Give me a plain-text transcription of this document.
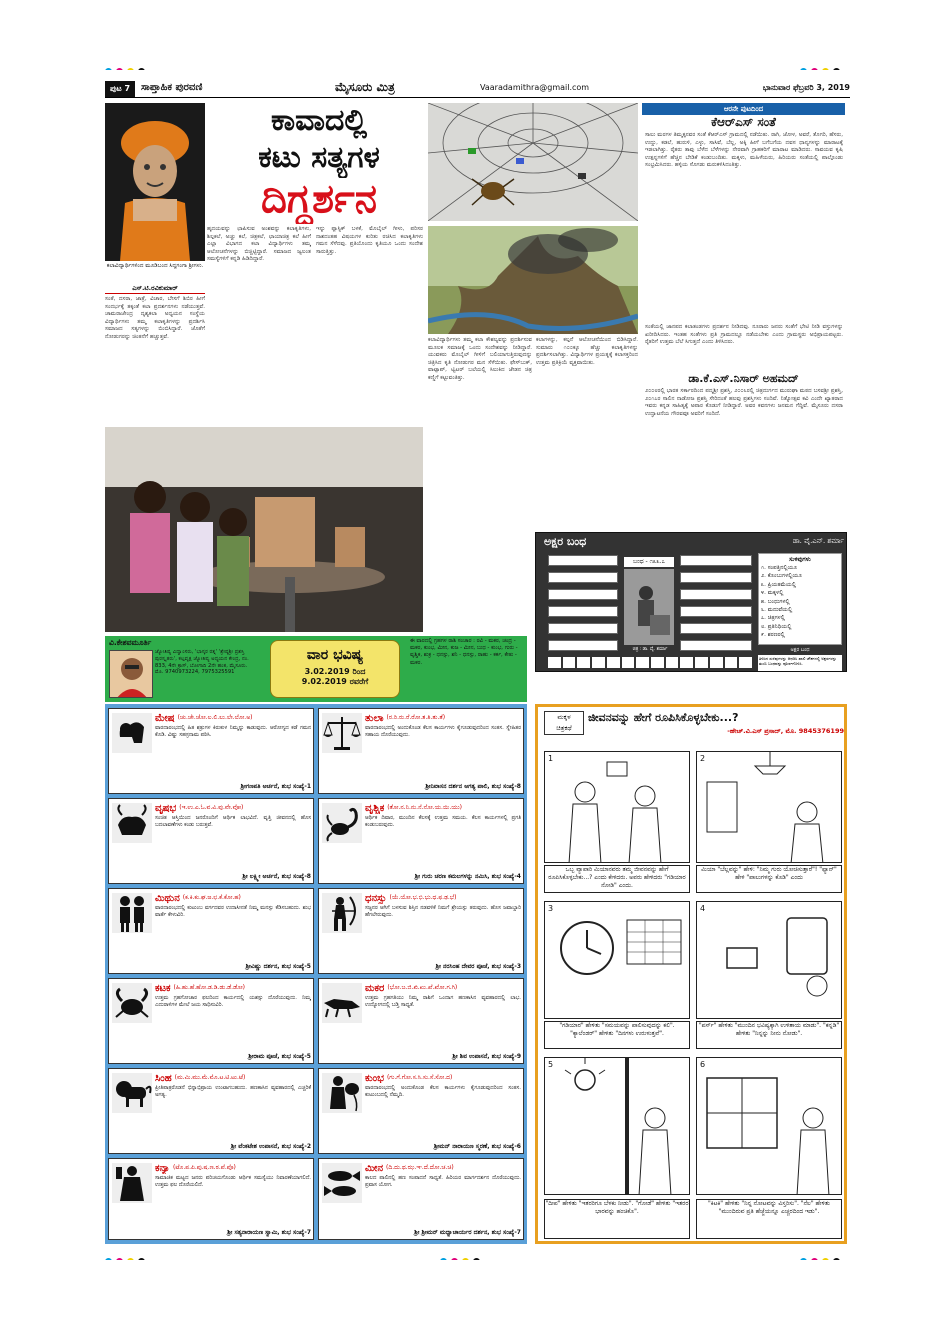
ಪುಟ 7	ಸಾಪ್ತಾಹಿಕ ಪುರವಣಿ	ಮೈಸೂರು ಮಿತ್ರ	Vaaradamithra@gmail.com	ಭಾನುವಾರ ಫೆಬ್ರವರಿ 3, 2019
ಕಲಾವಿದ್ಯಾರ್ಥಿಗಳಿಂದ ಮೂಡಿಬಂದ ಸಿದ್ದಗಂಗಾ ಶ್ರೀಗಳು.
ಎಸ್.ಟಿ.ರವಿಕುಮಾರ್
ಸಂತೆ, ದಸರಾ, ಜಾತ್ರೆ, ವಿಚಾರ, ಬೇಸಗೆ ಶಿಬಿರ ಹೀಗೆ ಸಂದರ್ಭಕ್ಕೆ ತಕ್ಕಂತೆ ಕಲಾ ಪ್ರದರ್ಶನಗಳು ನಡೆಯುತ್ತವೆ. ಚಾಮರಾಜೇಂದ್ರ ದೃಶ್ಯಕಲಾ ಅಧ್ಯಯನ ಸಂಸ್ಥೆಯ ವಿದ್ಯಾರ್ಥಿಗಳು ತಮ್ಮ ಕಲಾಕೃತಿಗಳನ್ನು ಪ್ರದರ್ಶಿಸಿ ಸಮಾಜದ ಸತ್ಯಗಳನ್ನು ಬಿಂಬಿಸಿದ್ದಾರೆ. ಜೊತೆಗೆ ನೋಡುಗರನ್ನು ಚಿಂತನೆಗೆ ಹಚ್ಚುತ್ತವೆ.
ಕಾವಾದಲ್ಲಿ
ಕಟು ಸತ್ಯಗಳ
ದಿಗ್ದರ್ಶನ
ಹೃದಯವನ್ನು ಛಾಪಿಸುವ ಅಂಶವನ್ನು ಕಲಾಕೃತಿಗಳು, ಶಿಲ್ಪಕಲೆ, ಅಚ್ಚು ಕಲೆ, ಚಿತ್ರಕಲೆ, ಛಾಯಾಚಿತ್ರ ಕಲೆ ಹೀಗೆ ಎಲ್ಲಾ ವಿಭಾಗದ ಕಲಾ ವಿದ್ಯಾರ್ಥಿಗಳು ತಮ್ಮ ಆಲೋಚನೆಗಳನ್ನು ಬಿಚ್ಚಿಟ್ಟಿದ್ದಾರೆ. ಸಮಾಜದ ಜ್ವಲಂತ ಸಮಸ್ಯೆಗಳಿಗೆ ಕನ್ನಡಿ ಹಿಡಿದಿದ್ದಾರೆ.
ಇನ್ನು ಪ್ಲಾಸ್ಟಿಕ್ ಬಳಕೆ, ಮೊಬೈಲ್ ಗೀಳು, ಪರಿಸರ ನಾಶದಂತಹ ವಿಷಯಗಳ ಕುರಿತು ರಚಿಸಿದ ಕಲಾಕೃತಿಗಳು ಗಮನ ಸೆಳೆದವು. ಪ್ರತಿಯೊಂದು ಕೃತಿಯೂ ಒಂದು ಸಂದೇಶ ಸಾರುತ್ತಿತ್ತು.
ಕಲಾವಿದ್ಯಾರ್ಥಿಗಳು ತಮ್ಮ ಕಲಾ ಕೌಶಲ್ಯವನ್ನು ಪ್ರದರ್ಶಿಸುವ ಮೂಲಕ ಸಮಾಜಕ್ಕೆ ಒಂದು ಸಂದೇಶವನ್ನು ನೀಡಿದ್ದಾರೆ. ಯುವಕರು ಮೊಬೈಲ್ ಗೀಳಿಗೆ ಬಲಿಯಾಗುತ್ತಿರುವುದನ್ನು ಚಿತ್ರಿಸಿದ ಕೃತಿ ನೋಡುಗರ ಮನ ಸೆಳೆಯಿತು. ಫೇಸ್‌ಬುಕ್, ವಾಟ್ಸಾಪ್, ಟ್ವಿಟರ್ ಬಲೆಯಲ್ಲಿ ಸಿಲುಕಿದ ಜೇಡನ ಚಿತ್ರ ಕಣ್ಣಿಗೆ ಕಟ್ಟುವಂತಿತ್ತು.
ಕಲಾಗಳನ್ನು, ಕಲ್ಪನೆ ಆಲೋಚನೆಯಿಂದ ಬಿಡಿಸಿದ್ದಾರೆ. ಸುಮಾರು ೧೦೦ಕ್ಕೂ ಹೆಚ್ಚು ಕಲಾಕೃತಿಗಳನ್ನು ಪ್ರದರ್ಶಿಸಲಾಗಿತ್ತು. ವಿದ್ಯಾರ್ಥಿಗಳ ಪ್ರಯತ್ನಕ್ಕೆ ಕಲಾಸಕ್ತರಿಂದ ಉತ್ತಮ ಪ್ರತಿಕ್ರಿಯೆ ವ್ಯಕ್ತವಾಯಿತು.
ಆರನೇ ಪುಟದಿಂದ
ಕೆಆರ್‌ಎಸ್ ಸಂತೆ
ಸಾಲು ಮರಗಳ ತಿಮ್ಮಕ್ಕನವರ ಸಂತೆ ಕೆಆರ್‌ಎಸ್ ಗ್ರಾಮದಲ್ಲಿ ನಡೆಯಿತು. ರಾಗಿ, ಜೋಳ, ಅವರೆ, ತೊಗರಿ, ಹೆಸರು, ಉದ್ದು, ಕಡಲೆ, ಹುರುಳಿ, ಎಳ್ಳು, ಸಾಸಿವೆ, ಬೆಲ್ಲ, ಅಕ್ಕಿ ಹೀಗೆ ಬಗೆಬಗೆಯ ದವಸ ಧಾನ್ಯಗಳನ್ನು ಮಾರಾಟಕ್ಕೆ ಇಡಲಾಗಿತ್ತು. ರೈತರು ತಾವು ಬೆಳೆದ ಬೆಳೆಗಳನ್ನು ನೇರವಾಗಿ ಗ್ರಾಹಕರಿಗೆ ಮಾರಾಟ ಮಾಡಿದರು. ಸಾವಯವ ಕೃಷಿ ಉತ್ಪನ್ನಗಳಿಗೆ ಹೆಚ್ಚಿನ ಬೇಡಿಕೆ ಕಂಡುಬಂದಿತು. ಮಕ್ಕಳು, ಮಹಿಳೆಯರು, ಹಿರಿಯರು ಸಂತೆಯಲ್ಲಿ ಪಾಲ್ಗೊಂಡು ಸಂಭ್ರಮಿಸಿದರು. ಹಳ್ಳಿಯ ಸೊಗಡು ಮರುಕಳಿಸಿದಂತಿತ್ತು.
ಸಂತೆಯಲ್ಲಿ ಜಾನಪದ ಕಲಾತಂಡಗಳು ಪ್ರದರ್ಶನ ನೀಡಿದವು. ನೂರಾರು ಜನರು ಸಂತೆಗೆ ಭೇಟಿ ನೀಡಿ ವಸ್ತುಗಳನ್ನು ಖರೀದಿಸಿದರು. ಇಂತಹ ಸಂತೆಗಳು ಪ್ರತಿ ಗ್ರಾಮದಲ್ಲೂ ನಡೆಯಬೇಕು ಎಂದು ಗ್ರಾಮಸ್ಥರು ಅಭಿಪ್ರಾಯಪಟ್ಟರು. ರೈತರಿಗೆ ಉತ್ತಮ ಬೆಲೆ ಸಿಗುತ್ತದೆ ಎಂದು ತಿಳಿಸಿದರು.
ಡಾ.ಕೆ.ಎಸ್.ನಿಸಾರ್ ಅಹಮದ್
೨೦೦೮ರಲ್ಲಿ ಭಾರತ ಸರ್ಕಾರದಿಂದ ಪದ್ಮಶ್ರೀ ಪ್ರಶಸ್ತಿ, ೨೦೦೬ರಲ್ಲಿ ಚಿತ್ರದುರ್ಗದ ಮುರುಘಾ ಮಠದ ಬಸವಶ್ರೀ ಪ್ರಶಸ್ತಿ, ೨೦೧೭ರ ಸಾಲಿನ ನಾಡೋಜ ಪ್ರಶಸ್ತಿ ಸೇರಿದಂತೆ ಹಲವು ಪ್ರಶಸ್ತಿಗಳು ಸಂದಿವೆ. ನಿತ್ಯೋತ್ಸವ ಕವಿ ಎಂದೇ ಖ್ಯಾತರಾದ ಇವರು ಕನ್ನಡ ಸಾಹಿತ್ಯಕ್ಕೆ ಅಪಾರ ಕೊಡುಗೆ ನೀಡಿದ್ದಾರೆ. ಅವರ ಕವನಗಳು ಜನಮನ ಗೆದ್ದಿವೆ. ಮೈಸೂರು ದಸರಾ ಉದ್ಘಾಟನೆಯ ಗೌರವವೂ ಅವರಿಗೆ ಸಂದಿದೆ.
ಅಕ್ಷರ ಬಂಧ	ಡಾ. ವೈ.ಎನ್. ಶರ್ಮಾ
ಬಂಧ - ೧೩೩.೭
ಚಿತ್ರ : ಡಾ. ವೈ. ಶರ್ಮಾ
ಸುಳಿವುಗಳು
೧. ಸಂಪತ್ತಿನಲ್ಲಿಯೂ
೨. ಕೊಂಬುಗಳಲ್ಲಿಯೂ
೩. ಪ್ರಿಯತಮೆಯಲ್ಲಿ
೪. ಮಕ್ಕಳಲ್ಲಿ
೫. ಬಂಧುಗಳಲ್ಲಿ
೬. ಮದುವೆಯಲ್ಲಿ
೭. ಚಿತ್ರಗಳಲ್ಲಿ
೮. ಪ್ರತಿನಿಧಿಯಲ್ಲಿ
೯. ಶರಣರಲ್ಲಿ
ಅಕ್ಷರ ಬಂಧ
ತಿಳಿಸಿದ ಸುಳಿವುಗಳನ್ನು ಆಧರಿಸಿ ಖಾಲಿ ಚೌಕಗಳಲ್ಲಿ ಅಕ್ಷರಗಳನ್ನು ತುಂಬಿ ಬಂಧವನ್ನು ಪೂರ್ಣಗೊಳಿಸಿ.
ವಿ.ಕೇಶವಮೂರ್ತಿ
ಜ್ಯೋತಿಷ್ಯ ವಿದ್ವಾಂಸರು, 'ಭಾಸ್ಕರ ರತ್ನ' 'ಶ್ರೇಷ್ಠಶ್ರೀ ಪ್ರಶಸ್ತಿ ಪುರಸ್ಕೃತರು', ಕಲ್ಪವೃಕ್ಷ ಜ್ಯೋತಿಷ್ಯ ಅಧ್ಯಯನ ಕೇಂದ್ರ, ನಂ. 833, 4ನೇ ಕ್ರಾಸ್, ಬೋಗಾದಿ 2ನೇ ಹಂತ, ಮೈಸೂರು. ಮೊ. 9740973224, 7975325591
ವಾರ ಭವಿಷ್ಯ
3.02.2019 ರಿಂದ
9.02.2019 ರವರೆಗೆ
ಈ ವಾರದಲ್ಲಿ ಗ್ರಹಗಳ ರಾಶಿ ಸಂಚಾರ : ರವಿ - ಮಕರ, ಚಂದ್ರ - ಮಕರ, ಕುಂಭ, ಮೀನ, ಕುಜ - ಮೀನ, ಬುಧ - ಕುಂಭ, ಗುರು - ವೃಶ್ಚಿಕ, ಶುಕ್ರ - ಧನಸ್ಸು, ಶನಿ - ಧನಸ್ಸು, ರಾಹು - ಕರ್ಕ, ಕೇತು - ಮಕರ.
ಮೇಷ (ಚು.ಚೇ.ಚೋ.ಲ.ಲಿ.ಲು.ಲೇ.ಲೋ.ಅ)
ವಾರದಾರಂಭದಲ್ಲಿ ಹಿತ ಶತ್ರುಗಳ ಕಿರುಕುಳ ನಿಮ್ಮನ್ನು ಕಾಡುವುದು. ಆರೋಗ್ಯದ ಕಡೆ ಗಮನ ಕೊಡಿ. ವಿಷ್ಣು ಸಹಸ್ರನಾಮ ಪಠಿಸಿ.
ಶ್ರೀಗಣಪತಿ ಅರ್ಚನೆ, ಶುಭ ಸಂಖ್ಯೆ-1
ವೃಷಭ (ಇ.ಉ.ಎ.ಓ.ವ.ವಿ.ವು.ವೇ.ವೋ)
ಸಂಚಿತ ಆಸ್ತಿಯಿಂದ ಜನರೊಂದಿಗೆ ಆರ್ಥಿಕ ಲಾಭವಿದೆ. ವೃತ್ತಿ ಜೀವನದಲ್ಲಿ ಹೊಸ ಬದಲಾವಣೆಗಳು ಕಂಡು ಬರುತ್ತವೆ.
ಶ್ರೀ ಲಕ್ಷ್ಮೀ ಅರ್ಚನೆ, ಶುಭ ಸಂಖ್ಯೆ-8
ಮಿಥುನ (ಕ.ಕಿ.ಕು.ಘ.ಙ.ಛ.ಕೆ.ಕೋ.ಹ)
ವಾರದಾರಂಭದಲ್ಲಿ ಕುಟುಂಬ ವರ್ಗದವರ ಉದಾಸೀನತೆ ನಿಮ್ಮ ಮನಸ್ಸು ಕೆಡಿಸಬಹುದು. ಶುಭ ವಾರ್ತೆ ಕೇಳುವಿರಿ.
ಶ್ರೀವಿಷ್ಣು ದರ್ಶನ, ಶುಭ ಸಂಖ್ಯೆ-5
ಕಟಕ (ಹಿ.ಹು.ಹೆ.ಹೋ.ಡ.ಡಿ.ಡು.ಡೆ.ಡೋ)
ಉತ್ತಮ ಗ್ರಹಗೋಚಾರ ಫಲದಿಂದ ಕಾರ್ಯದಲ್ಲಿ ಯಶಸ್ಸು ದೊರೆಯುವುದು. ನಿಮ್ಮ ಎದುರಾಳಿಗಳ ಮೇಲೆ ಜಯ ಸಾಧಿಸುವಿರಿ.
ಶ್ರೀರಾಮ ಪೂಜೆ, ಶುಭ ಸಂಖ್ಯೆ-5
ಸಿಂಹ (ಮ.ಮಿ.ಮು.ಮೆ.ಮೊ.ಟ.ಟಿ.ಟು.ಟೆ)
ಪ್ರೀತಿಪಾತ್ರರೊಡನೆ ಭಿನ್ನಾಭಿಪ್ರಾಯ ಉಂಟಾಗಬಹುದು. ಹಣಕಾಸಿನ ವ್ಯವಹಾರದಲ್ಲಿ ಎಚ್ಚರಿಕೆ ಅಗತ್ಯ.
ಶ್ರೀ ವೆಂಕಟೇಶ ಉಪಾಸನೆ, ಶುಭ ಸಂಖ್ಯೆ-2
ಕನ್ಯಾ (ಟೊ.ಪ.ಪಿ.ಪು.ಷ.ಣ.ಠ.ಪೆ.ಪೊ)
ಸಾಮಾಜಿಕ ಮಟ್ಟದ ಜನರು ಪರಿಚಯಗೊಂಡು ಆರ್ಥಿಕ ಸಮಸ್ಯೆಯು ನಿವಾರಣೆಯಾಗಲಿದೆ. ಉತ್ತಮ ಫಲ ದೊರೆಯಲಿದೆ.
ಶ್ರೀ ಸತ್ಯನಾರಾಯಣ ಸ್ವಾಮಿ, ಶುಭ ಸಂಖ್ಯೆ-7
ತುಲಾ (ರ.ರಿ.ರು.ರೆ.ರೋ.ತ.ತಿ.ತು.ತೆ)
ವಾರದಾರಂಭದಲ್ಲಿ ಅಂದುಕೊಂಡ ಕೆಲಸ ಕಾರ್ಯಗಳು ಕೈಗೂಡುವುದರಿಂದ ಸಂತಸ. ಸ್ನೇಹಿತರ ಸಹಾಯ ದೊರೆಯುವುದು.
ಶ್ರೀನಿವಾಸನ ದರ್ಶನ ಅಗತ್ಯ ಪಾಲಿ, ಶುಭ ಸಂಖ್ಯೆ-8
ವೃಶ್ಚಿಕ (ತೋ.ನ.ನಿ.ನು.ನೆ.ನೋ.ಯ.ಯಿ.ಯು)
ಆರ್ಥಿಕ ದಿವಾರ, ಮುಂದಿನ ಕೆಲಸಕ್ಕೆ ಉತ್ತಮ ಸಮಯ. ಕೆಲಸ ಕಾರ್ಯಗಳಲ್ಲಿ ಪ್ರಗತಿ ಕಂಡುಬರುವುದು.
ಶ್ರೀ ಗುರು ಚರಣ ಕಮಲಗಳನ್ನು ನಮಿಸಿ, ಶುಭ ಸಂಖ್ಯೆ-4
ಧನಸ್ಸು (ಯೆ.ಯೋ.ಭ.ಭಿ.ಭು.ಧ.ಫ.ಢ.ಭೆ)
ಸಜ್ಜನರ ಆಗಿಗೆ ಬಳಸುವ ಶಿಸ್ತಿನ ನಡವಳಿಕೆ ನಿಮಗೆ ಶ್ರೇಯಸ್ಸು ತರುವುದು. ಹೊಸ ಜವಾಬ್ದಾರಿ ಹೆಗಲೇರುವುದು.
ಶ್ರೀ ನರಸಿಂಹ ದೇವರ ಪೂಜೆ, ಶುಭ ಸಂಖ್ಯೆ-3
ಮಕರ (ಭೋ.ಜ.ಜಿ.ಖಿ.ಖು.ಖೆ.ಖೋ.ಗ.ಗಿ)
ಉತ್ತಮ ಗ್ರಹಗತಿಯು ನಿಮ್ಮ ರಾಶಿಗೆ ಒಂದಾಗ ಹಣಕಾಸಿನ ವ್ಯವಹಾರದಲ್ಲಿ ಲಾಭ. ಉದ್ಯೋಗದಲ್ಲಿ ಬಡ್ತಿ ಸಾಧ್ಯತೆ.
ಶ್ರೀ ಶಿವ ಉಪಾಸನೆ, ಶುಭ ಸಂಖ್ಯೆ-9
ಕುಂಭ (ಗು.ಗೆ.ಗೋ.ಸ.ಸಿ.ಸು.ಸೆ.ಸೋ.ದ)
ವಾರದಾರಂಭದಲ್ಲಿ ಅಂದುಕೊಂಡ ಕೆಲಸ ಕಾರ್ಯಗಳು ಕೈಗೂಡುವುದರಿಂದ ಸಂತಸ. ಕುಟುಂಬದಲ್ಲಿ ನೆಮ್ಮದಿ.
ಶ್ರೀಮನ್ ನಾರಾಯಣ ಸ್ಮರಣೆ, ಶುಭ ಸಂಖ್ಯೆ-6
ಮೀನ (ದಿ.ದು.ಥ.ಝ.ಞ.ದೆ.ದೋ.ಚ.ಚಿ)
ಕಾಲದ ಪಾಲಿನಲ್ಲಿ ಹಣ ಸಂಪಾದನೆ ಸಾಧ್ಯತೆ. ಹಿರಿಯರ ಮಾರ್ಗದರ್ಶನ ದೊರೆಯುವುದು. ಪ್ರವಾಸ ಯೋಗ.
ಶ್ರೀ ಶ್ರೀಮನ್ ಮಧ್ವಾಚಾರ್ಯರ ದರ್ಶನ, ಶುಭ ಸಂಖ್ಯೆ-7
ಮಕ್ಕಳ
ಚಿತ್ರಕಥೆ
ಜೀವನವನ್ನು ಹೇಗೆ ರೂಪಿಸಿಕೊಳ್ಳಬೇಕು...?
-ಹೇಚ್.ವಿ.ಎಸ್ ಪ್ರಸಾದ್, ಮೊ. 9845376199
1	2
ಒಬ್ಬ ವ್ಯಾಪಾರಿ ಮಿಯಾನವರು ತಮ್ಮ ಜೀವನವನ್ನು ಹೇಗೆ ರೂಪಿಸಿಕೊಳ್ಳಬೇಕು...? ಎಂದು ಕೇಳಿದರು. ಅವರು ಹೇಳಿದರು "ಗಡಿಯಾರ ನೋಡಿ" ಎಂದು.
ಮಿಯಾ "ಬೆಲ್ಲವನ್ನು" ಹೇಳಿ: "ನಿಮ್ಮ ಗುರು ಯೋಚಿಸುತ್ತಾರೆ"! "ಫ್ಯಾನ್" ಹೇಳಿ "ಪಾಲುಗಳನ್ನು ಕೊಡಿ" ಎಂದು
3	4
"ಗಡಿಯಾರ" ಹೇಳಿತು "ಸಮಯವನ್ನು ಪಾಲಿಸುವುದನ್ನು ಕಲಿ". "ಕ್ಯಾಲೆಂಡರ್" ಹೇಳಿತು "ದಿನಗಳು ಉರುಳುತ್ತವೆ".
"ಪರ್ಸ್" ಹೇಳಿತು "ಮುಂದಿನ ಭವಿಷ್ಯಕ್ಕಾಗಿ ಉಳಿತಾಯ ಮಾಡು". "ಕನ್ನಡಿ" ಹೇಳಿತು "ನಿನ್ನನ್ನು ನೀನು ನೋಡು".
5	6
"ದೀಪ" ಹೇಳಿತು "ಇತರರಿಗೂ ಬೆಳಕು ನೀಡು". "ಗೋಡೆ" ಹೇಳಿತು "ಇತರರ ಭಾರವನ್ನು ಹಂಚಿಕೊ".
"ಕಿಟಕಿ" ಹೇಳಿತು "ನಿನ್ನ ನೋಟವನ್ನು ವಿಸ್ತರಿಸು". "ನೆಲ" ಹೇಳಿತು "ಮುಂದಿರುವ ಪ್ರತಿ ಹೆಜ್ಜೆಯನ್ನೂ ಎಚ್ಚರದಿಂದ ಇಡು".
